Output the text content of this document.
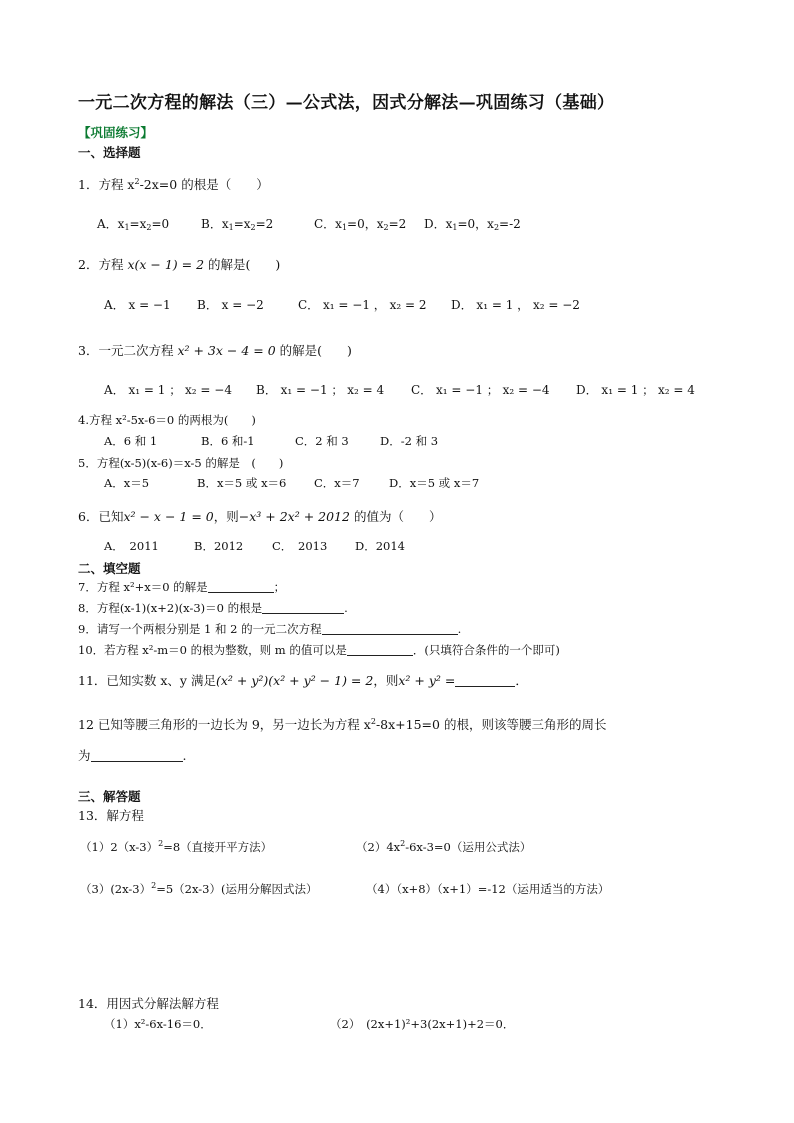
一元二次方程的解法（三）—公式法，因式分解法—巩固练习（基础）
【巩固练习】
一、选择题
1．方程 $x^2-2x=0$ 的根是（　　）
A．$x_1=x_2=0$	B．$x_1=x_2=2$	C．$x_1=0$，$x_2=2$ D．$x_1=0$，$x_2=-2$
2．方程 x(x − 1) = 2 的解是(　　)
A． x = −1 B． x = −2	C． x₁ = −1 ， x₂ = 2 D． x₁ = 1 ， x₂ = −2
3．一元二次方程 x² + 3x − 4 = 0 的解是(　　)
A． x₁ = 1 ； x₂ = −4 B． x₁ = −1 ； x₂ = 4 C． x₁ = −1 ； x₂ = −4 D． x₁ = 1 ； x₂ = 4
4.方程 x²-5x-6＝0 的两根为(　　)
A．6 和 1	B．6 和-1	C．2 和 3	D．-2 和 3
5．方程(x-5)(x-6)＝x-5 的解是　(　　)
A．x＝5	B．x＝5 或 x＝6 C．x＝7	D．x＝5 或 x＝7
6．已知x² − x − 1 = 0，则−x³ + 2x² + 2012 的值为（　　）
A．　2011	B．2012	C．　2013 D．2014
二、填空题
7．方程 x²+x＝0 的解是	；
8．方程(x-1)(x+2)(x-3)＝0 的根是	.
9．请写一个两根分别是 1 和 2 的一元二次方程	.
10．若方程 x²-m＝0 的根为整数，则 m 的值可以是	．(只填符合条件的一个即可)
11．已知实数 x、y 满足(x² + y²)(x² + y² − 1) = 2，则x² + y² =	．
12 已知等腰三角形的一边长为 9，另一边长为方程 $x^2-8x+15=0$ 的根，则该等腰三角形的周长
为	.
三、解答题
13．解方程
$(1)2(x-3)^2=8$（直接开平方法）	$(2)4x^2-6x-3=0$（运用公式法）
（3）(2x-3）$^2$=5（2x-3）(运用分解因式法）	（4）（x+8）（x+1）=-12（运用适当的方法）
14．用因式分解法解方程
（1）x²-6x-16＝0．	（2）　(2x+1)²+3(2x+1)+2＝0．
